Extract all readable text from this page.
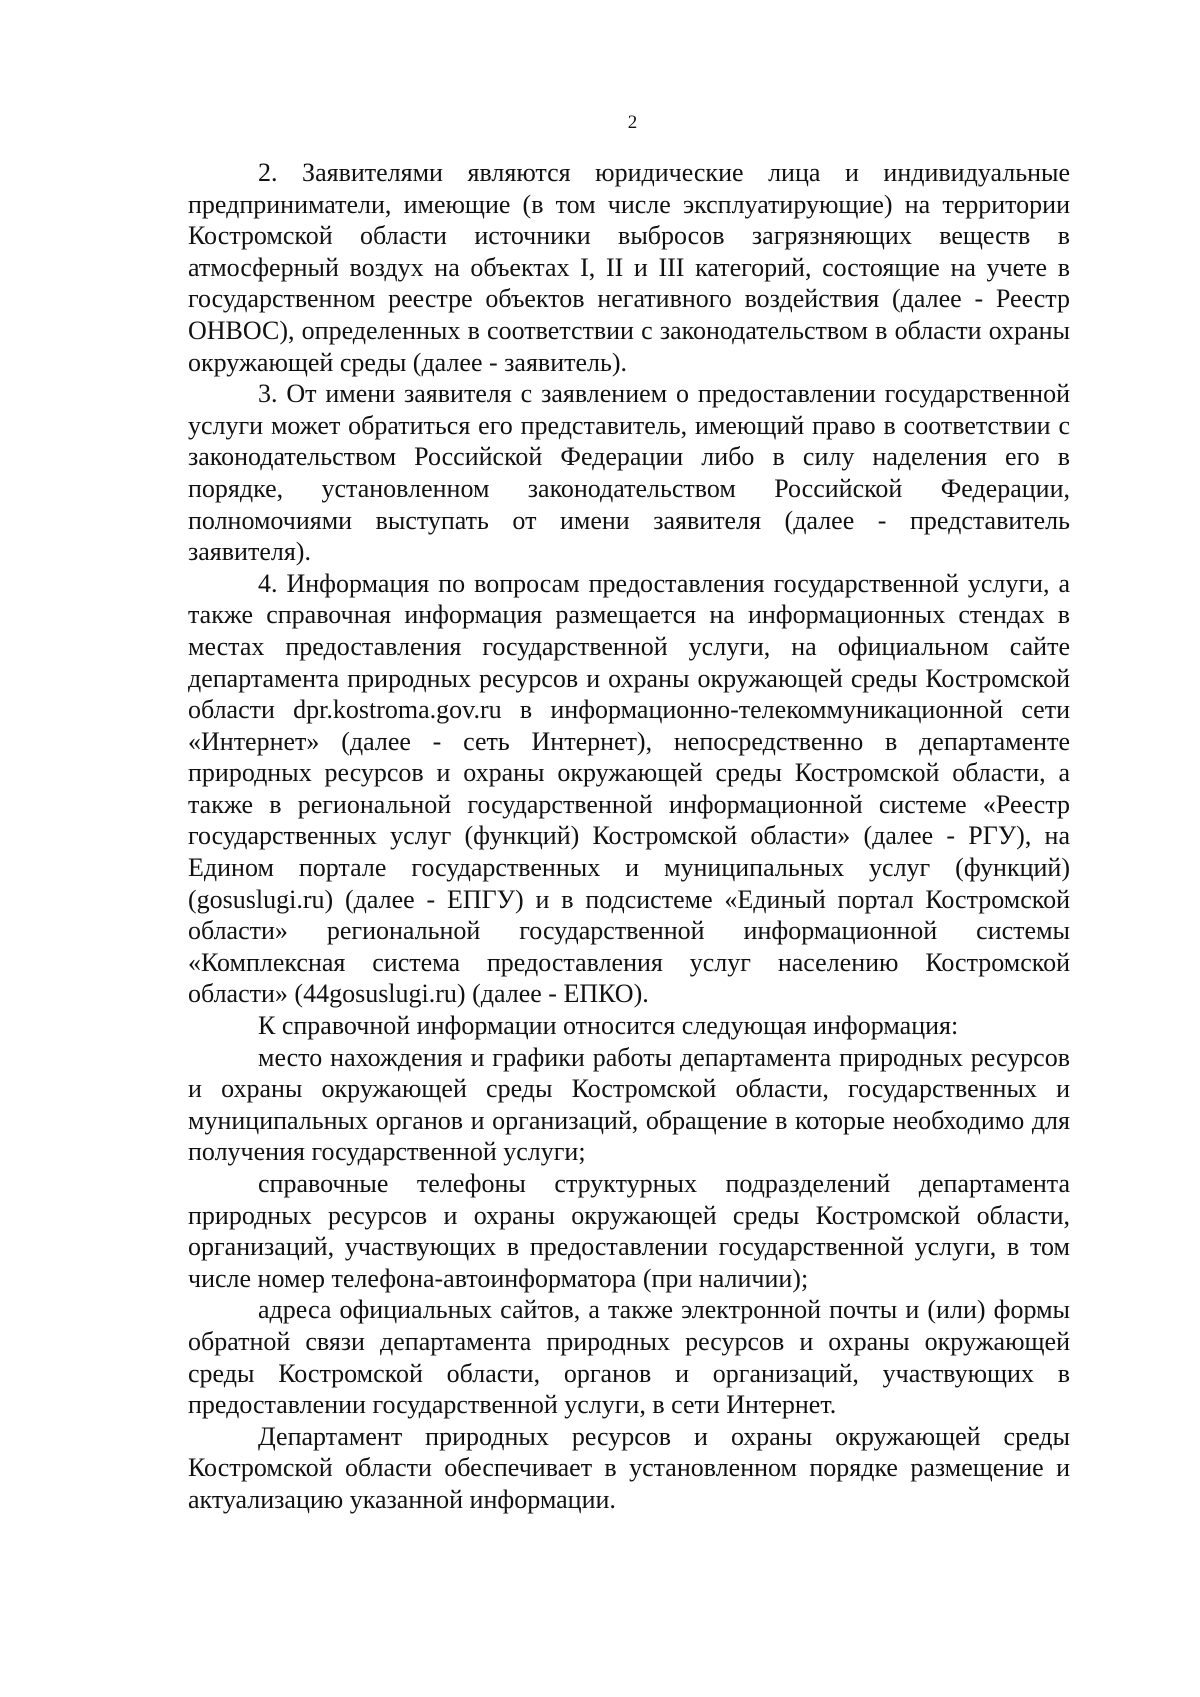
2

2. Заявителями являются юридические лица и индивидуальные предприниматели, имеющие (в том числе эксплуатирующие) на территории Костромской области источники выбросов загрязняющих веществ в атмосферный воздух на объектах I, II и III категорий, состоящие на учете в государственном реестре объектов негативного воздействия (далее - Реестр ОНВОС), определенных в соответствии с законодательством в области охраны окружающей среды (далее - заявитель).

3. От имени заявителя с заявлением о предоставлении государственной услуги может обратиться его представитель, имеющий право в соответствии с законодательством Российской Федерации либо в силу наделения его в порядке, установленном законодательством Российской Федерации, полномочиями выступать от имени заявителя (далее - представитель заявителя).

4. Информация по вопросам предоставления государственной услуги, а также справочная информация размещается на информационных стендах в местах предоставления государственной услуги, на официальном сайте департамента природных ресурсов и охраны окружающей среды Костромской области dpr.kostroma.gov.ru в информационно-телекоммуникационной сети «Интернет» (далее - сеть Интернет), непосредственно в департаменте природных ресурсов и охраны окружающей среды Костромской области, а также в региональной государственной информационной системе «Реестр государственных услуг (функций) Костромской области» (далее - РГУ), на Едином портале государственных и муниципальных услуг (функций) (gosuslugi.ru) (далее - ЕПГУ) и в подсистеме «Единый портал Костромской области» региональной государственной информационной системы «Комплексная система предоставления услуг населению Костромской области» (44gosuslugi.ru) (далее - ЕПКО).

К справочной информации относится следующая информация:

место нахождения и графики работы департамента природных ресурсов и охраны окружающей среды Костромской области, государственных и муниципальных органов и организаций, обращение в которые необходимо для получения государственной услуги;

справочные телефоны структурных подразделений департамента природных ресурсов и охраны окружающей среды Костромской области, организаций, участвующих в предоставлении государственной услуги, в том числе номер телефона-автоинформатора (при наличии);

адреса официальных сайтов, а также электронной почты и (или) формы обратной связи департамента природных ресурсов и охраны окружающей среды Костромской области, органов и организаций, участвующих в предоставлении государственной услуги, в сети Интернет.

Департамент природных ресурсов и охраны окружающей среды Костромской области обеспечивает в установленном порядке размещение и актуализацию указанной информации.
